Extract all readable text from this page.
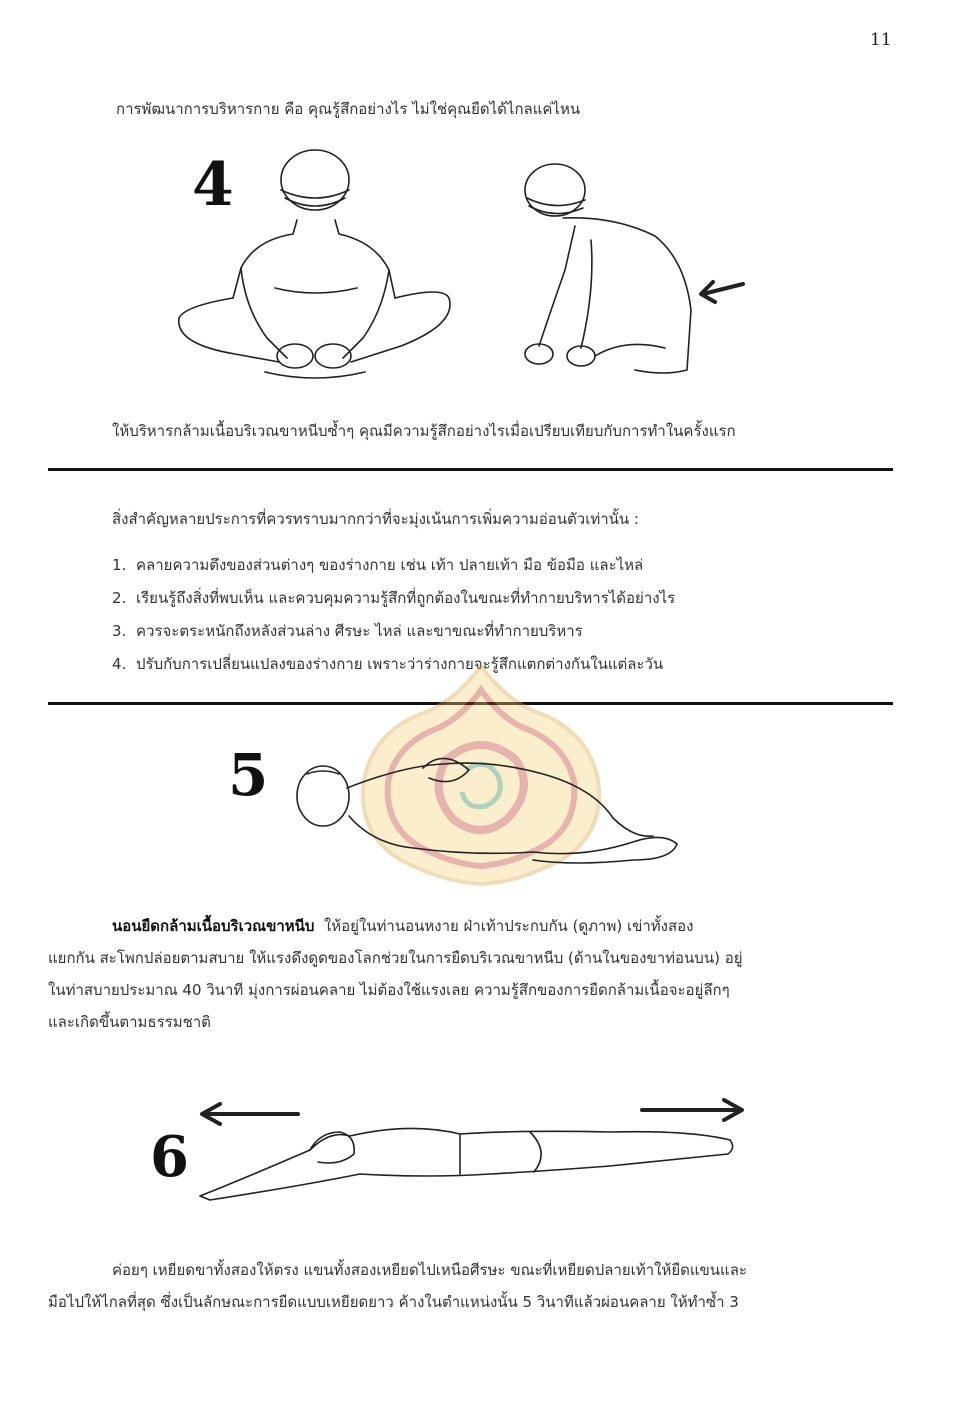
11
การพัฒนาการบริหารกาย คือ คุณรู้สึกอย่างไร ไม่ใช่คุณยืดได้ไกลแค่ไหน
4
ให้บริหารกล้ามเนื้อบริเวณขาหนีบซ้ำๆ คุณมีความรู้สึกอย่างไรเมื่อเปรียบเทียบกับการทำในครั้งแรก
สิ่งสำคัญหลายประการที่ควรทราบมากกว่าที่จะมุ่งเน้นการเพิ่มความอ่อนตัวเท่านั้น :
1. คลายความตึงของส่วนต่างๆ ของร่างกาย เช่น เท้า ปลายเท้า มือ ข้อมือ และไหล่
2. เรียนรู้ถึงสิ่งที่พบเห็น และควบคุมความรู้สึกที่ถูกต้องในขณะที่ทำกายบริหารได้อย่างไร
3. ควรจะตระหนักถึงหลังส่วนล่าง ศีรษะ ไหล่ และขาขณะที่ทำกายบริหาร
4. ปรับกับการเปลี่ยนแปลงของร่างกาย เพราะว่าร่างกายจะรู้สึกแตกต่างกันในแต่ละวัน
5
นอนยืดกล้ามเนื้อบริเวณขาหนีบ ให้อยู่ในท่านอนหงาย ฝ่าเท้าประกบกัน (ดูภาพ) เข่าทั้งสอง
แยกกัน สะโพกปล่อยตามสบาย ให้แรงดึงดูดของโลกช่วยในการยืดบริเวณขาหนีบ (ด้านในของขาท่อนบน) อยู่
ในท่าสบายประมาณ 40 วินาที มุ่งการผ่อนคลาย ไม่ต้องใช้แรงเลย ความรู้สึกของการยืดกล้ามเนื้อจะอยู่ลึกๆ
และเกิดขึ้นตามธรรมชาติ
6
ค่อยๆ เหยียดขาทั้งสองให้ตรง แขนทั้งสองเหยียดไปเหนือศีรษะ ขณะที่เหยียดปลายเท้าให้ยืดแขนและ
มือไปให้ไกลที่สุด ซึ่งเป็นลักษณะการยืดแบบเหยียดยาว ค้างในตำแหน่งนั้น 5 วินาทีแล้วผ่อนคลาย ให้ทำซ้ำ 3
